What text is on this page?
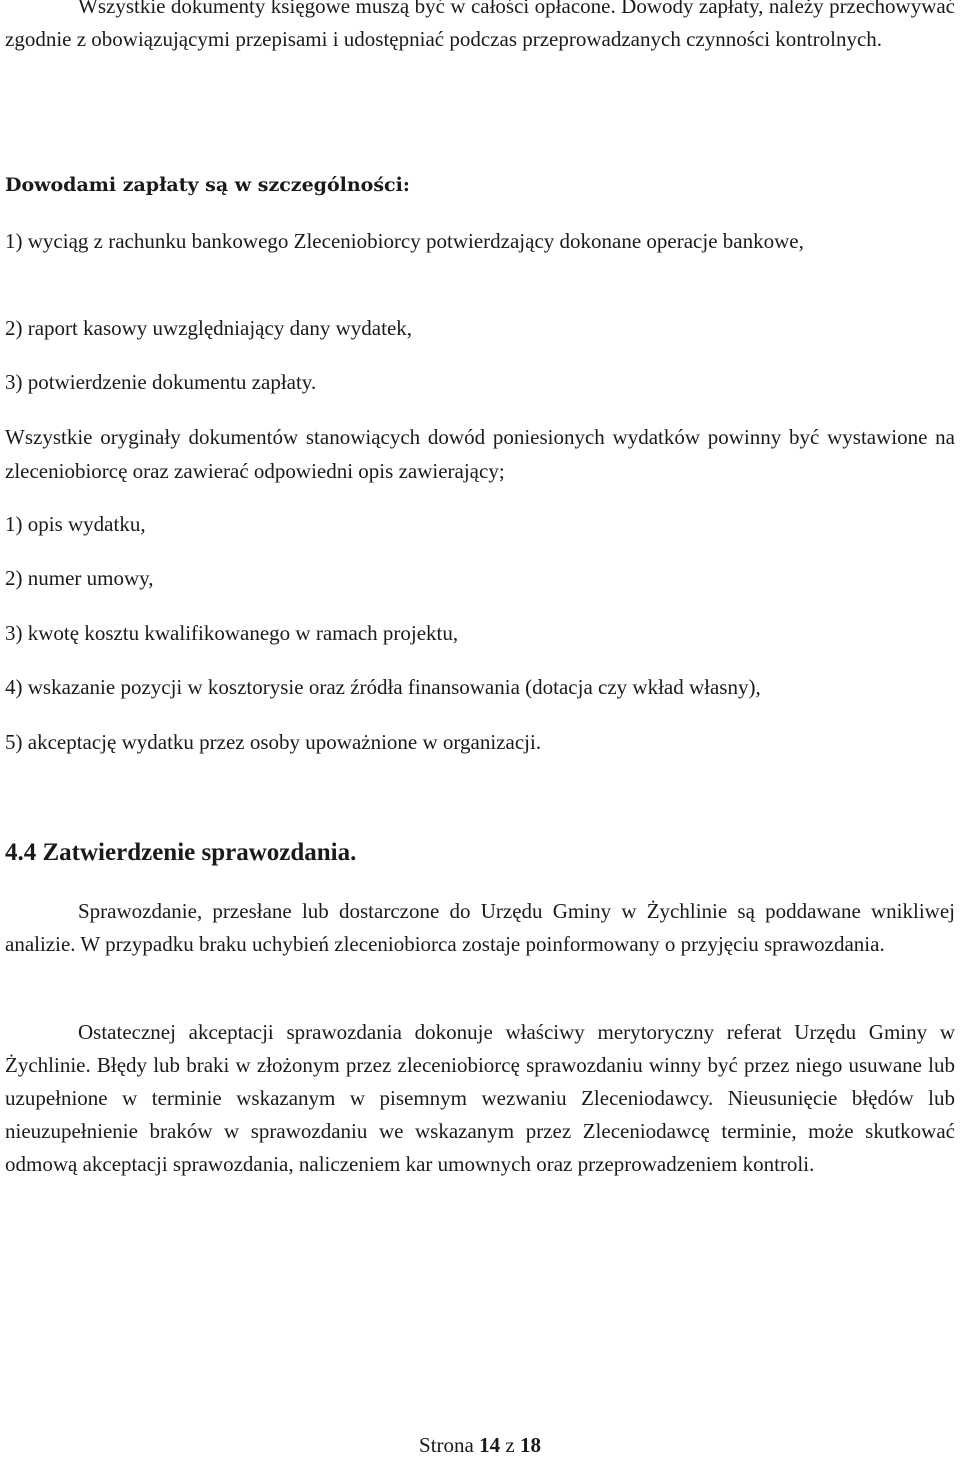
Wszystkie dokumenty księgowe muszą być w całości opłacone. Dowody zapłaty, należy przechowywać zgodnie z obowiązującymi przepisami i udostępniać podczas przeprowadzanych czynności kontrolnych.

Dowodami zapłaty są w szczególności:

1) wyciąg z rachunku bankowego Zleceniobiorcy potwierdzający dokonane operacje bankowe,

2) raport kasowy uwzględniający dany wydatek,

3) potwierdzenie dokumentu zapłaty.

Wszystkie oryginały dokumentów stanowiących dowód poniesionych wydatków powinny być wystawione na zleceniobiorcę oraz zawierać odpowiedni opis zawierający;

1) opis wydatku,

2) numer umowy,

3) kwotę kosztu kwalifikowanego w ramach projektu,

4) wskazanie pozycji w kosztorysie oraz źródła finansowania (dotacja czy wkład własny),

5) akceptację wydatku przez osoby upoważnione w organizacji.

4.4 Zatwierdzenie sprawozdania.

Sprawozdanie, przesłane lub dostarczone do Urzędu Gminy w Żychlinie są poddawane wnikliwej analizie. W przypadku braku uchybień zleceniobiorca zostaje poinformowany o przyjęciu sprawozdania.

Ostatecznej akceptacji sprawozdania dokonuje właściwy merytoryczny referat Urzędu Gminy w Żychlinie. Błędy lub braki w złożonym przez zleceniobiorcę sprawozdaniu winny być przez niego usuwane lub uzupełnione w terminie wskazanym w pisemnym wezwaniu Zleceniodawcy. Nieusunięcie błędów lub nieuzupełnienie braków w sprawozdaniu we wskazanym przez Zleceniodawcę terminie, może skutkować odmową akceptacji sprawozdania, naliczeniem kar umownych oraz przeprowadzeniem kontroli.

Strona 14 z 18
